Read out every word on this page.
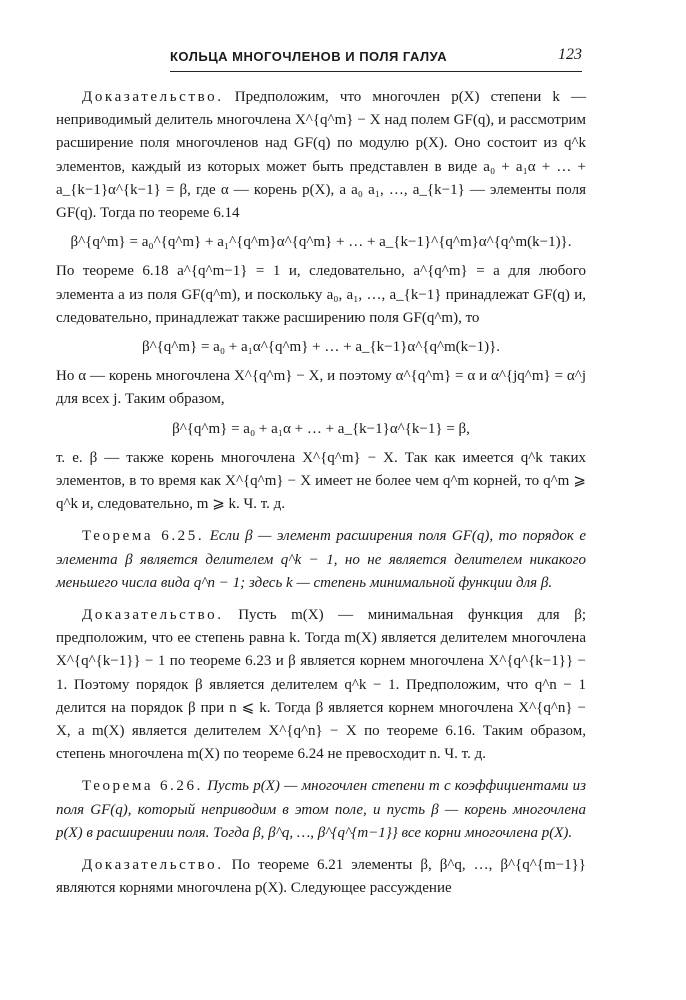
КОЛЬЦА МНОГОЧЛЕНОВ И ПОЛЯ ГАЛУА	123

Доказательство. Предположим, что многочлен p(X) степени k — неприводимый делитель многочлена X^{q^m} − X над полем GF(q), и рассмотрим расширение поля многочленов над GF(q) по модулю p(X). Оно состоит из q^k элементов, каждый из которых может быть представлен в виде a₀ + a₁α + … + a_{k−1}α^{k−1} = β, где α — корень p(X), а a₀ a₁, …, a_{k−1} — элементы поля GF(q). Тогда по теореме 6.14

β^{q^m} = a₀^{q^m} + a₁^{q^m}α^{q^m} + … + a_{k−1}^{q^m}α^{q^m(k−1)}.

По теореме 6.18 a^{q^m−1} = 1 и, следовательно, a^{q^m} = a для любого элемента a из поля GF(q^m), и поскольку a₀, a₁, …, a_{k−1} принадлежат GF(q) и, следовательно, принадлежат также расширению поля GF(q^m), то

β^{q^m} = a₀ + a₁α^{q^m} + … + a_{k−1}α^{q^m(k−1)}.

Но α — корень многочлена X^{q^m} − X, и поэтому α^{q^m} = α и α^{jq^m} = α^j для всех j. Таким образом,

β^{q^m} = a₀ + a₁α + … + a_{k−1}α^{k−1} = β,

т. е. β — также корень многочлена X^{q^m} − X. Так как имеется q^k таких элементов, в то время как X^{q^m} − X имеет не более чем q^m корней, то q^m ⩾ q^k и, следовательно, m ⩾ k. Ч. т. д.

Теорема 6.25. Если β — элемент расширения поля GF(q), то порядок е элемента β является делителем q^k − 1, но не является делителем никакого меньшего числа вида q^n − 1; здесь k — степень минимальной функции для β.

Доказательство. Пусть m(X) — минимальная функция для β; предположим, что ее степень равна k. Тогда m(X) является делителем многочлена X^{q^{k−1}} − 1 по теореме 6.23 и β является корнем многочлена X^{q^{k−1}} − 1. Поэтому порядок β является делителем q^k − 1. Предположим, что q^n − 1 делится на порядок β при n ⩽ k. Тогда β является корнем многочлена X^{q^n} − X, а m(X) является делителем X^{q^n} − X по теореме 6.16. Таким образом, степень многочлена m(X) по теореме 6.24 не превосходит n. Ч. т. д.

Теорема 6.26. Пусть p(X) — многочлен степени m с коэффициентами из поля GF(q), который неприводим в этом поле, и пусть β — корень многочлена p(X) в расширении поля. Тогда β, β^q, …, β^{q^{m−1}} все корни многочлена p(X).

Доказательство. По теореме 6.21 элементы β, β^q, …, β^{q^{m−1}} являются корнями многочлена p(X). Следующее рассуждение
